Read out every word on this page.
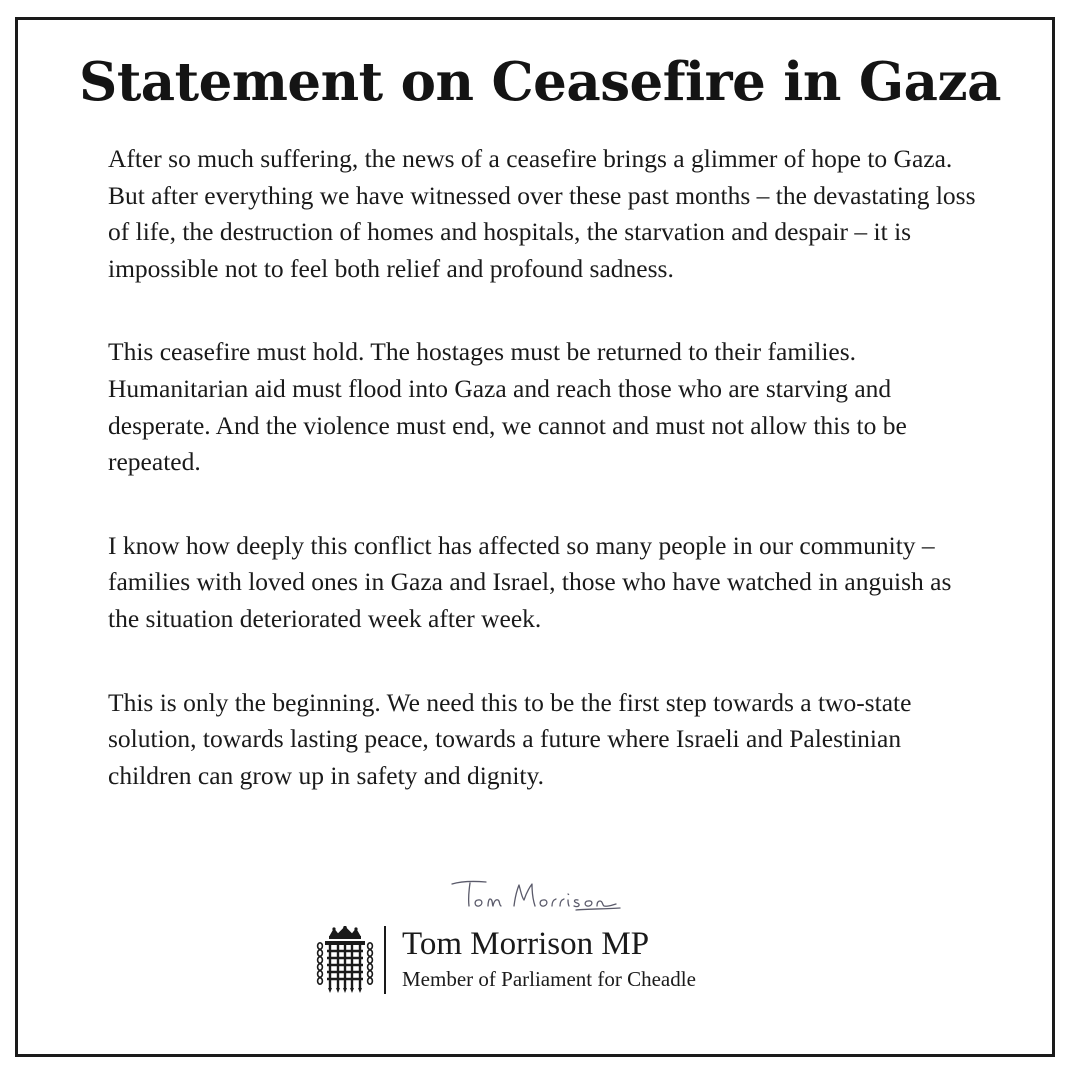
Statement on Ceasefire in Gaza

After so much suffering, the news of a ceasefire brings a glimmer of hope to Gaza. But after everything we have witnessed over these past months – the devastating loss of life, the destruction of homes and hospitals, the starvation and despair – it is impossible not to feel both relief and profound sadness.

This ceasefire must hold. The hostages must be returned to their families. Humanitarian aid must flood into Gaza and reach those who are starving and desperate. And the violence must end, we cannot and must not allow this to be repeated.

I know how deeply this conflict has affected so many people in our community – families with loved ones in Gaza and Israel, those who have watched in anguish as the situation deteriorated week after week.

This is only the beginning. We need this to be the first step towards a two-state solution, towards lasting peace, towards a future where Israeli and Palestinian children can grow up in safety and dignity.

Tom Morrison MP
Member of Parliament for Cheadle
